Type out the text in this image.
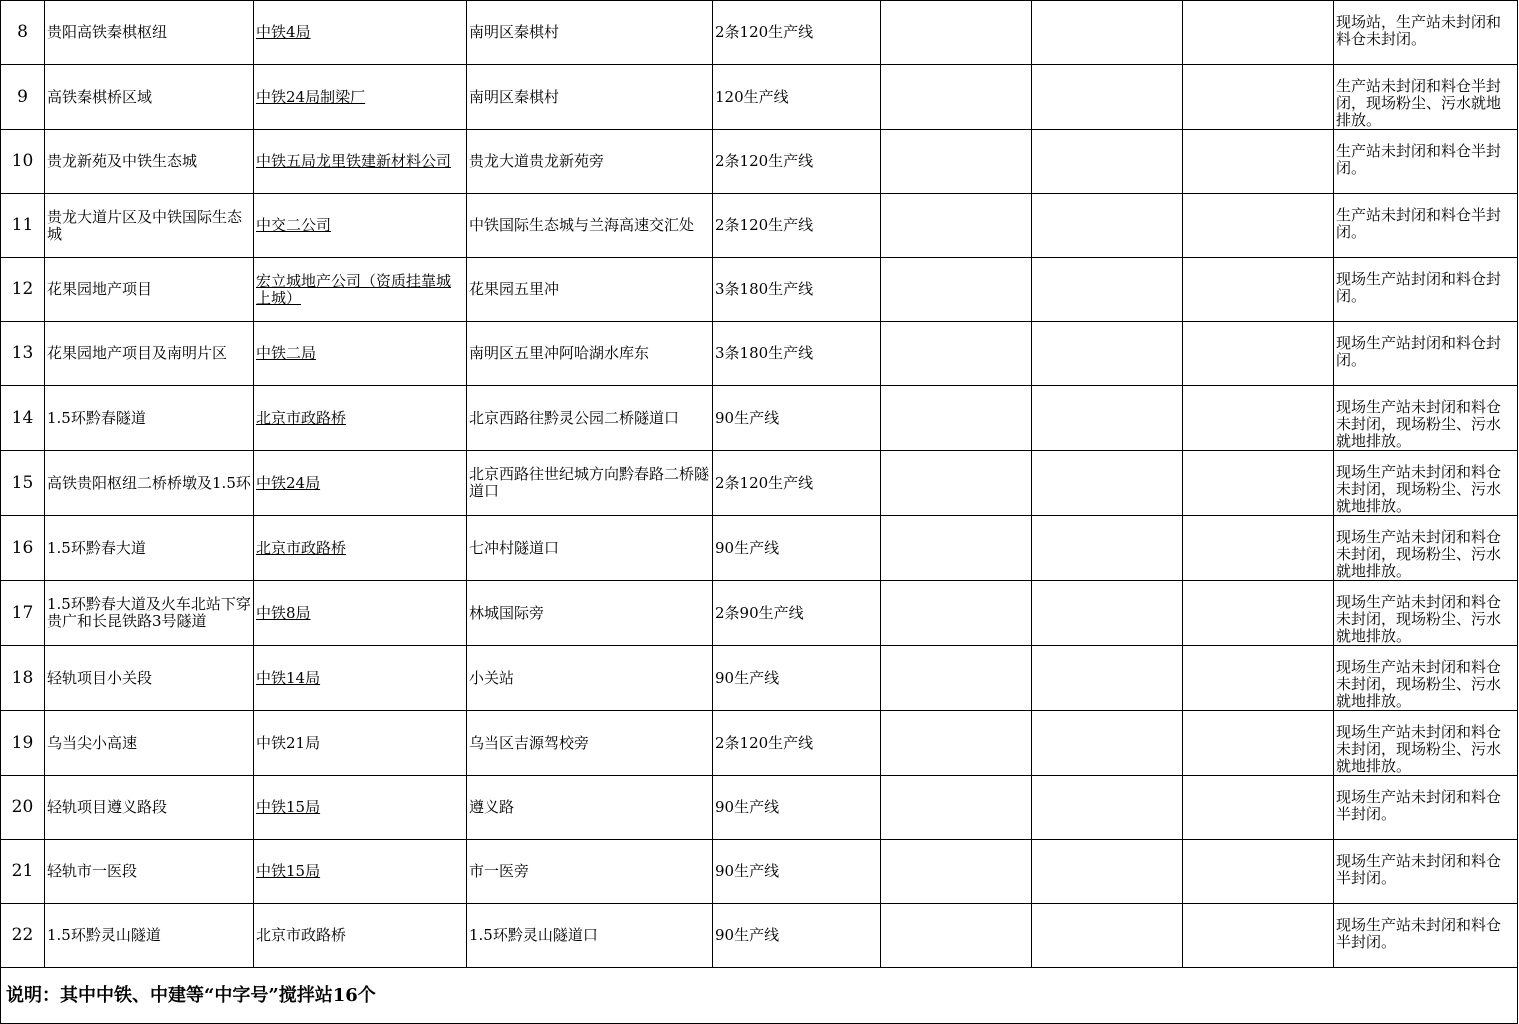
8	贵阳高铁秦棋枢纽	中铁4局	南明区秦棋村	2条120生产线				现场站，生产站未封闭和料仓未封闭。
9	高铁秦棋桥区域	中铁24局制梁厂	南明区秦棋村	120生产线				生产站未封闭和料仓半封闭，现场粉尘、污水就地排放。
10	贵龙新苑及中铁生态城	中铁五局龙里铁建新材料公司	贵龙大道贵龙新苑旁	2条120生产线				生产站未封闭和料仓半封闭。
11	贵龙大道片区及中铁国际生态城	中交二公司	中铁国际生态城与兰海高速交汇处	2条120生产线				生产站未封闭和料仓半封闭。
12	花果园地产项目	宏立城地产公司（资质挂靠城上城）	花果园五里冲	3条180生产线				现场生产站封闭和料仓封闭。
13	花果园地产项目及南明片区	中铁二局	南明区五里冲阿哈湖水库东	3条180生产线				现场生产站封闭和料仓封闭。
14	1.5环黔春隧道	北京市政路桥	北京西路往黔灵公园二桥隧道口	90生产线				现场生产站未封闭和料仓未封闭，现场粉尘、污水就地排放。
15	高铁贵阳枢纽二桥桥墩及1.5环	中铁24局	北京西路往世纪城方向黔春路二桥隧道口	2条120生产线				现场生产站未封闭和料仓未封闭，现场粉尘、污水就地排放。
16	1.5环黔春大道	北京市政路桥	七冲村隧道口	90生产线				现场生产站未封闭和料仓未封闭，现场粉尘、污水就地排放。
17	1.5环黔春大道及火车北站下穿贵广和长昆铁路3号隧道	中铁8局	林城国际旁	2条90生产线				现场生产站未封闭和料仓未封闭，现场粉尘、污水就地排放。
18	轻轨项目小关段	中铁14局	小关站	90生产线				现场生产站未封闭和料仓未封闭，现场粉尘、污水就地排放。
19	乌当尖小高速	中铁21局	乌当区吉源驾校旁	2条120生产线				现场生产站未封闭和料仓未封闭，现场粉尘、污水就地排放。
20	轻轨项目遵义路段	中铁15局	遵义路	90生产线				现场生产站未封闭和料仓半封闭。
21	轻轨市一医段	中铁15局	市一医旁	90生产线				现场生产站未封闭和料仓半封闭。
22	1.5环黔灵山隧道	北京市政路桥	1.5环黔灵山隧道口	90生产线				现场生产站未封闭和料仓半封闭。
说明：其中中铁、中建等“中字号”搅拌站16个								
